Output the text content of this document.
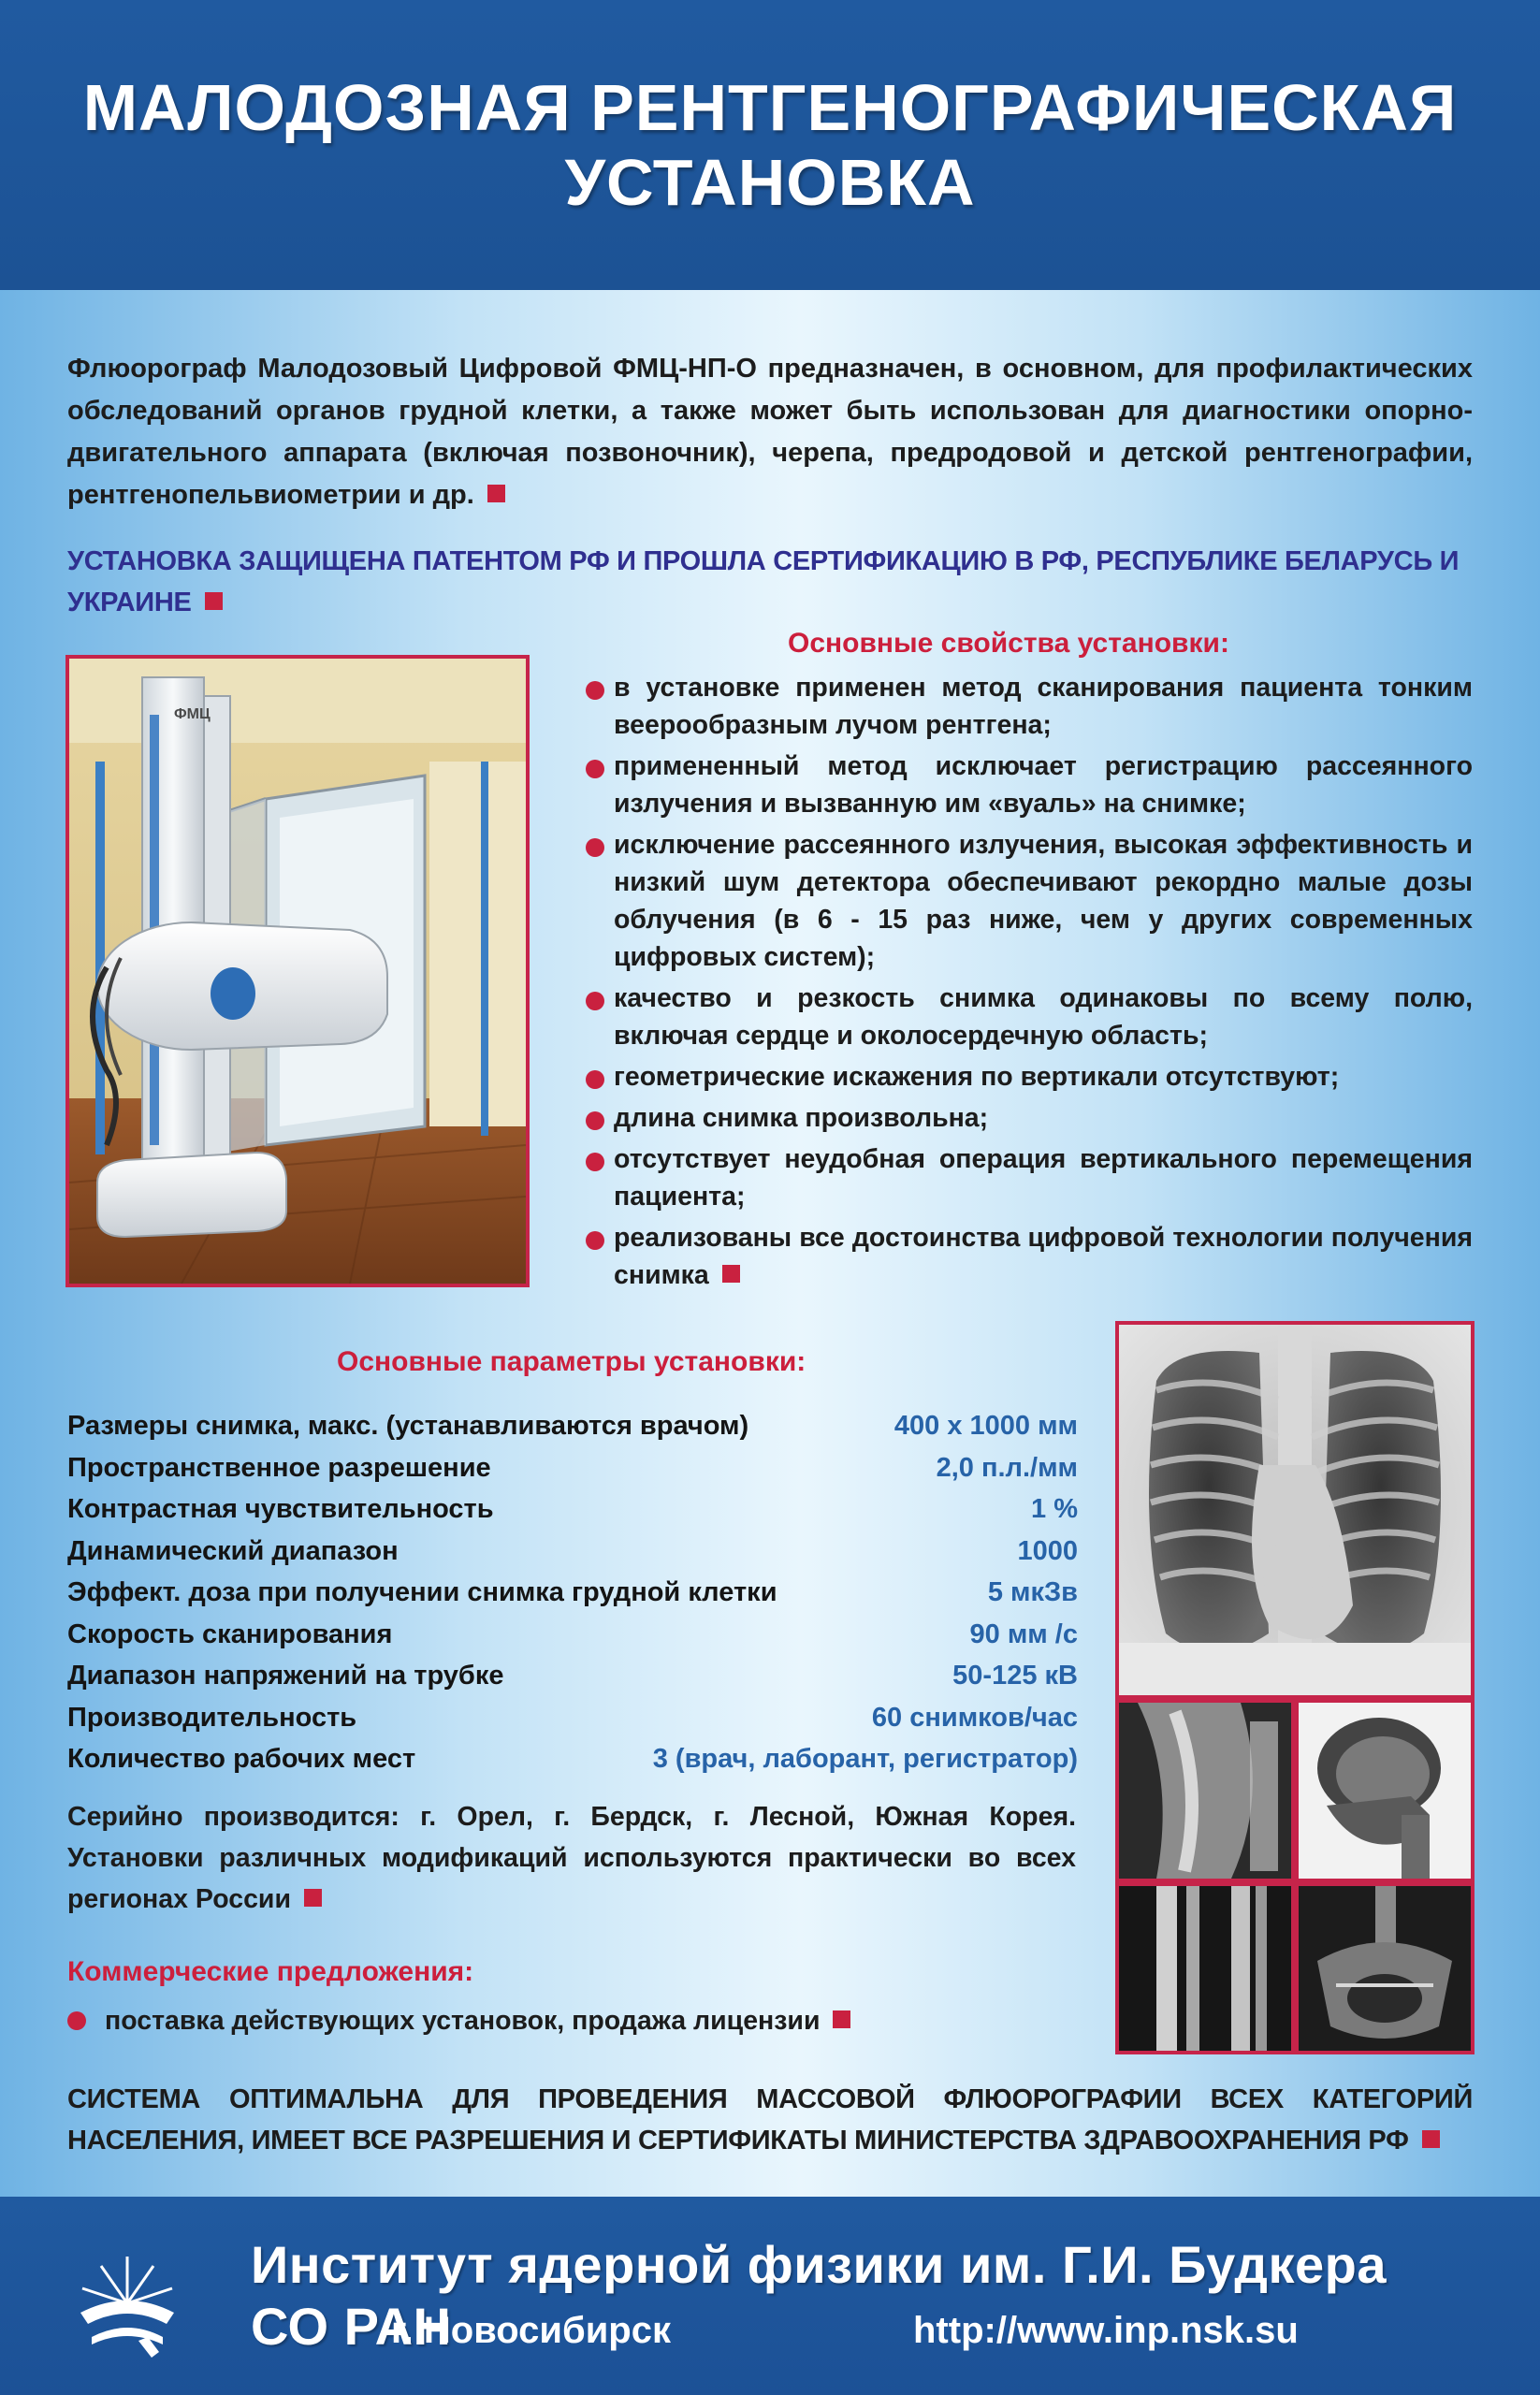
МАЛОДОЗНАЯ РЕНТГЕНОГРАФИЧЕСКАЯ
УСТАНОВКА
Флюорограф Малодозовый Цифровой ФМЦ-НП-О предназначен, в основном, для профилактических обследований органов грудной клетки, а также может быть использован для диагностики опорно-двигательного аппарата (включая позвоночник), черепа, предродовой и детской рентгенографии, рентгенопельвиометрии и др.
УСТАНОВКА ЗАЩИЩЕНА ПАТЕНТОМ РФ И ПРОШЛА СЕРТИФИКАЦИЮ В РФ, РЕСПУБЛИКЕ БЕЛАРУСЬ И УКРАИНЕ
ФМЦ
Основные свойства установки:
в установке применен метод сканирования пациента тонким веерообразным лучом рентгена;
примененный метод исключает регистрацию рассеянного излучения и вызванную им «вуаль» на снимке;
исключение рассеянного излучения, высокая эффективность и низкий шум детектора обеспечивают рекордно малые дозы облучения (в 6 - 15 раз ниже, чем у других современных цифровых систем);
качество и резкость снимка одинаковы по всему полю, включая сердце и околосердечную область;
геометрические искажения по вертикали отсутствуют;
длина снимка произвольна;
отсутствует неудобная операция вертикального перемещения пациента;
реализованы все достоинства цифровой технологии получения снимка
Основные параметры установки:
Размеры снимка, макс. (устанавливаются врачом)	400 x 1000 мм
Пространственное разрешение	2,0 п.л./мм
Контрастная чувствительность	1 %
Динамический диапазон	1000
Эффект. доза при получении снимка грудной клетки	5 мкЗв
Скорость сканирования	90 мм /с
Диапазон напряжений на трубке	50-125 кВ
Производительность	60 снимков/час
Количество рабочих мест	3 (врач, лаборант, регистратор)
Серийно производится: г. Орел, г. Бердск, г. Лесной, Южная Корея. Установки различных модификаций используются практически во всех регионах России
Коммерческие предложения:
поставка действующих установок, продажа лицензии
СИСТЕМА ОПТИМАЛЬНА ДЛЯ ПРОВЕДЕНИЯ МАССОВОЙ ФЛЮОРОГРАФИИ ВСЕХ КАТЕГОРИЙ НАСЕЛЕНИЯ, ИМЕЕТ ВСЕ РАЗРЕШЕНИЯ И СЕРТИФИКАТЫ МИНИСТЕРСТВА ЗДРАВООХРАНЕНИЯ РФ
Институт ядерной физики им. Г.И. Будкера СО РАН
г. Новосибирск	http://www.inp.nsk.su
